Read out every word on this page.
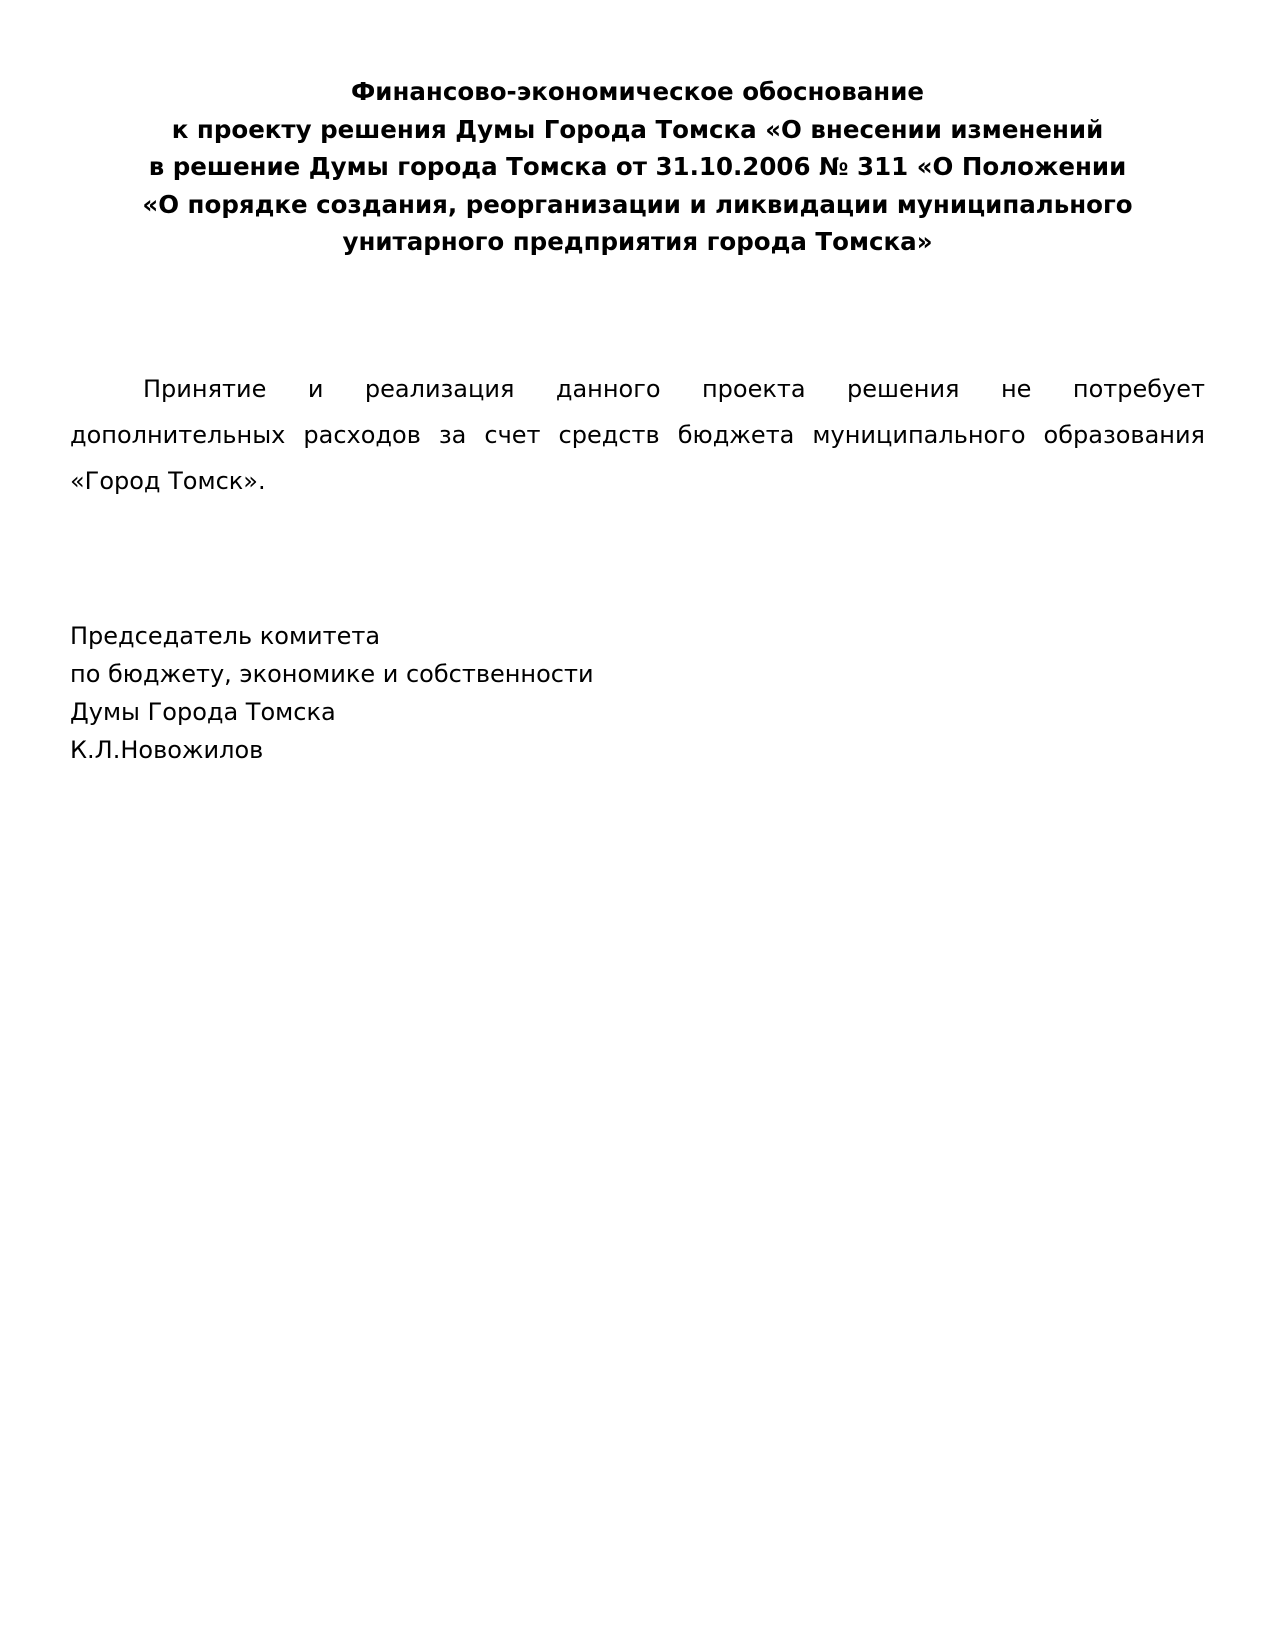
Финансово-экономическое обоснование
к проекту решения Думы Города Томска «О внесении изменений
в решение Думы города Томска от 31.10.2006 № 311 «О Положении
«О порядке создания, реорганизации и ликвидации муниципального
унитарного предприятия города Томска»
Принятие и реализация данного проекта решения не потребует
дополнительных расходов за счет средств бюджета муниципального образования
«Город Томск».
Председатель комитета
по бюджету, экономике и собственности
Думы Города Томска
К.Л.Новожилов
